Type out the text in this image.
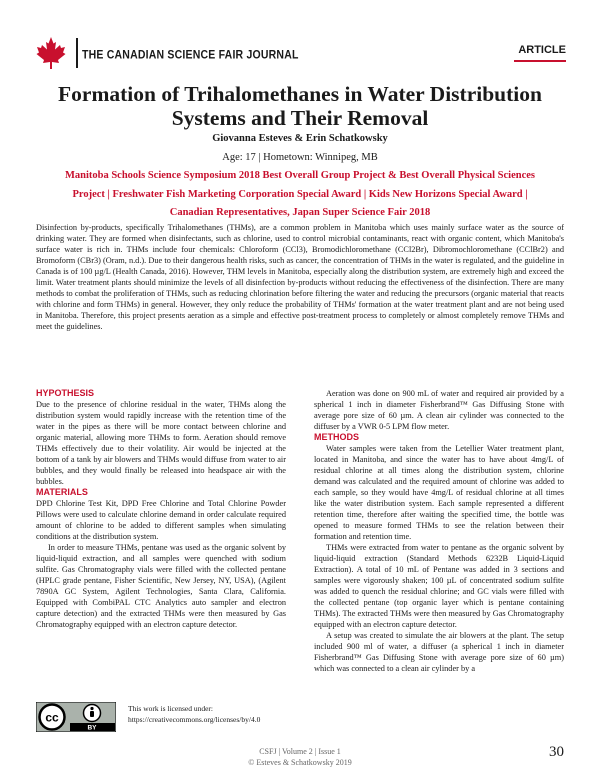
THE CANADIAN SCIENCE FAIR JOURNAL	ARTICLE
Formation of Trihalomethanes in Water Distribution Systems and Their Removal
Giovanna Esteves & Erin Schatkowsky
Age: 17 | Hometown: Winnipeg, MB
Manitoba Schools Science Symposium 2018 Best Overall Group Project & Best Overall Physical Sciences
Project | Freshwater Fish Marketing Corporation Special Award | Kids New Horizons Special Award |
Canadian Representatives, Japan Super Science Fair 2018

Disinfection by-products, specifically Trihalomethanes (THMs), are a common problem in Manitoba which uses mainly surface water as the source of drinking water. They are formed when disinfectants, such as chlorine, used to control microbial contaminants, react with organic content, which Manitoba's surface water is rich in. THMs include four chemicals: Chloroform (CCl3), Bromodichloromethane (CCl2Br), Dibromochloromethane (CClBr2) and Bromoform (CBr3) (Oram, n.d.). Due to their dangerous health risks, such as cancer, the concentration of THMs in the water is regulated, and the guideline in Canada is of 100 µg/L (Health Canada, 2016). However, THM levels in Manitoba, especially along the distribution system, are extremely high and exceed the limit. Water treatment plants should minimize the levels of all disinfection by-products without reducing the effectiveness of the disinfection. There are many methods to combat the proliferation of THMs, such as reducing chlorination before filtering the water and reducing the precursors (organic material that reacts with chlorine and form THMs) in general. However, they only reduce the probability of THMs' formation at the water treatment plant and are not being used in Manitoba. Therefore, this project presents aeration as a simple and effective post-treatment process to completely or almost completely remove THMs and meet the guidelines.

HYPOTHESIS

Due to the presence of chlorine residual in the water, THMs along the distribution system would rapidly increase with the retention time of the water in the pipes as there will be more contact between chlorine and organic material, allowing more THMs to form. Aeration should remove THMs effectively due to their volatility. Air would be injected at the bottom of a tank by air blowers and THMs would diffuse from water to air bubbles, and they would finally be released into headspace air with the bubbles.

MATERIALS

DPD Chlorine Test Kit, DPD Free Chlorine and Total Chlorine Powder Pillows were used to calculate chlorine demand in order calculate required amount of chlorine to be added to different samples when simulating conditions at the distribution system.

In order to measure THMs, pentane was used as the organic solvent by liquid-liquid extraction, and all samples were quenched with sodium sulfite. Gas Chromatography vials were filled with the collected pentane (HPLC grade pentane, Fisher Scientific, New Jersey, NY, USA), (Agilent 7890A GC System, Agilent Technologies, Santa Clara, California. Equipped with CombiPAL CTC Analytics auto sampler and electron capture detection) and the extracted THMs were then measured by Gas Chromatography equipped with an electron capture detector.

Aeration was done on 900 mL of water and required air provided by a spherical 1 inch in diameter Fisherbrand™ Gas Diffusing Stone with average pore size of 60 µm. A clean air cylinder was connected to the diffuser by a VWR 0-5 LPM flow meter.

METHODS

Water samples were taken from the Letellier Water treatment plant, located in Manitoba, and since the water has to have about 4mg/L of residual chlorine at all times along the distribution system, chlorine demand was calculated and the required amount of chlorine was added to each sample, so they would have 4mg/L of residual chlorine at all times like the water distribution system. Each sample represented a different retention time, therefore after waiting the specified time, the bottle was opened to measure formed THMs to see the relation between their formation and retention time.

THMs were extracted from water to pentane as the organic solvent by liquid-liquid extraction (Standard Methods 6232B Liquid-Liquid Extraction). A total of 10 mL of Pentane was added in 3 sections and samples were vigorously shaken; 100 µL of concentrated sodium sulfite was added to quench the residual chlorine; and GC vials were filled with the collected pentane (top organic layer which is pentane containing THMs). The extracted THMs were then measured by Gas Chromatography equipped with an electron capture detector.

A setup was created to simulate the air blowers at the plant. The setup included 900 ml of water, a diffuser (a spherical 1 inch in diameter Fisherbrand™ Gas Diffusing Stone with average pore size of 60 µm) which was connected to a clean air cylinder by a

cc
BY
This work is licensed under:
https://creativecommons.org/licenses/by/4.0
CSFJ | Volume 2 | Issue 1
© Esteves & Schatkowsky 2019
30
